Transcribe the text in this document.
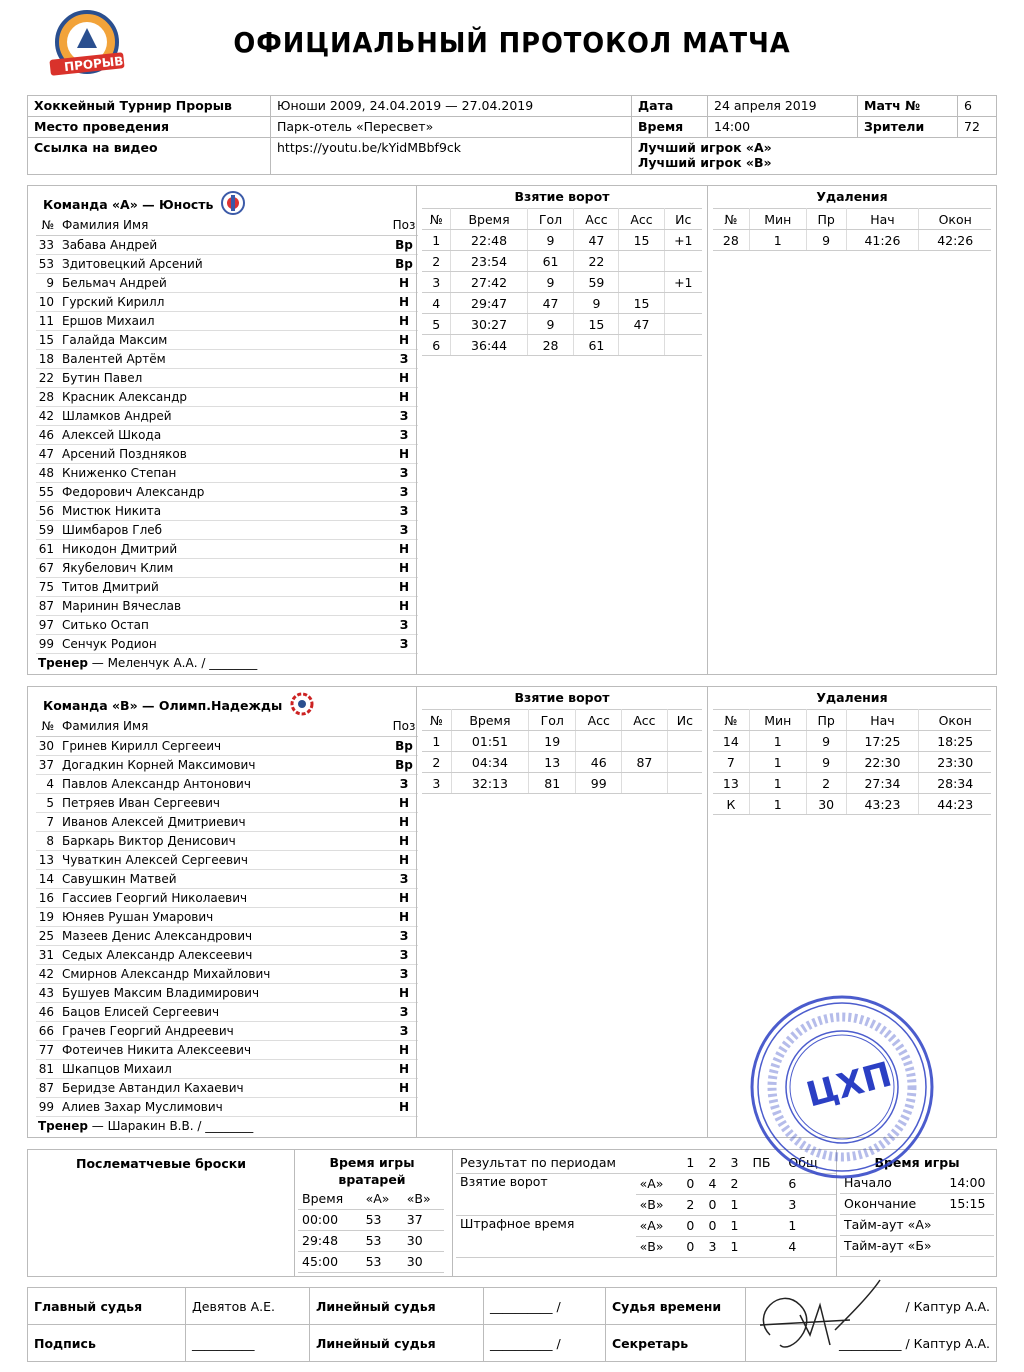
ПРОРЫВ
ОФИЦИАЛЬНЫЙ ПРОТОКОЛ МАТЧА
Хоккейный Турнир Прорыв	Юноши 2009, 24.04.2019 — 27.04.2019	Дата	24 апреля 2019	Матч №	6
Место проведения	Парк-отель «Пересвет»	Время	14:00	Зрители	72
Ссылка на видео	https://youtu.be/kYidMBbf9ck	Лучший игрок «А»
Лучший игрок «В»			
Команда «А» — Юность
№	Фамилия Имя	Поз
33	Забава Андрей	Вр
53	Здитовецкий Арсений	Вр
9	Бельмач Андрей	Н
10	Гурский Кирилл	Н
11	Ершов Михаил	Н
15	Галайда Максим	Н
18	Валентей Артём	З
22	Бутин Павел	Н
28	Красник Александр	Н
42	Шламков Андрей	З
46	Алексей Шкода	З
47	Арсений Поздняков	Н
48	Книженко Степан	З
55	Федорович Александр	З
56	Мистюк Никита	З
59	Шимбаров Глеб	З
61	Никодон Дмитрий	Н
67	Якубелович Клим	Н
75	Титов Дмитрий	Н
87	Маринин Вячеслав	Н
97	Ситько Остап	З
99	Сенчук Родион	З
Тренер — Меленчук А.А. / ________
Взятие ворот
№	Время	Гол	Асс	Асс	Ис
1	22:48	9	47	15	+1
2	23:54	61	22		
3	27:42	9	59		+1
4	29:47	47	9	15	
5	30:27	9	15	47	
6	36:44	28	61		
Удаления
№	Мин	Пр	Нач	Окон
28	1	9	41:26	42:26
Команда «В» — Олимп.Надежды
№	Фамилия Имя	Поз
30	Гринев Кирилл Сергееич	Вр
37	Догадкин Корней Максимович	Вр
4	Павлов Александр Антонович	З
5	Петряев Иван Сергеевич	Н
7	Иванов Алексей Дмитриевич	Н
8	Баркарь Виктор Денисович	Н
13	Чуваткин Алексей Сергеевич	Н
14	Савушкин Матвей	З
16	Гассиев Георгий Николаевич	Н
19	Юняев Рушан Умарович	Н
25	Мазеев Денис Александрович	З
31	Седых Александр Алексеевич	З
42	Смирнов Александр Михайлович	З
43	Бушуев Максим Владимирович	Н
46	Бацов Елисей Сергеевич	З
66	Грачев Георгий Андреевич	З
77	Фотеичев Никита Алексеевич	Н
81	Шкапцов Михаил	Н
87	Беридзе Автандил Кахаевич	Н
99	Алиев Захар Муслимович	Н
Тренер — Шаракин В.В. / ________
Взятие ворот
№	Время	Гол	Асс	Асс	Ис
1	01:51	19			
2	04:34	13	46	87	
3	32:13	81	99		
Удаления
№	Мин	Пр	Нач	Окон
14	1	9	17:25	18:25
7	1	9	22:30	23:30
13	1	2	27:34	28:34
К	1	30	43:23	44:23
Послематчевые броски	Время игры вратарей
Время	«А»	«В»
00:00	53	37
29:48	53	30
45:00	53	30
Результат по периодам		1	2	3	ПБ	Общ
Взятие ворот	«А»	0	4	2		6
	«В»	2	0	1		3
Штрафное время	«А»	0	0	1		1
	«В»	0	3	1		4
Время игры
Начало	14:00
Окончание	15:15
Тайм-аут «А»	
Тайм-аут «Б»	
Главный судья	Девятов А.Е.	Линейный судья	__________ /	Судья времени	/ Каптур А.А.
Подпись	__________	Линейный судья	__________ /	Секретарь	__________ / Каптур А.А.
ЦХП
